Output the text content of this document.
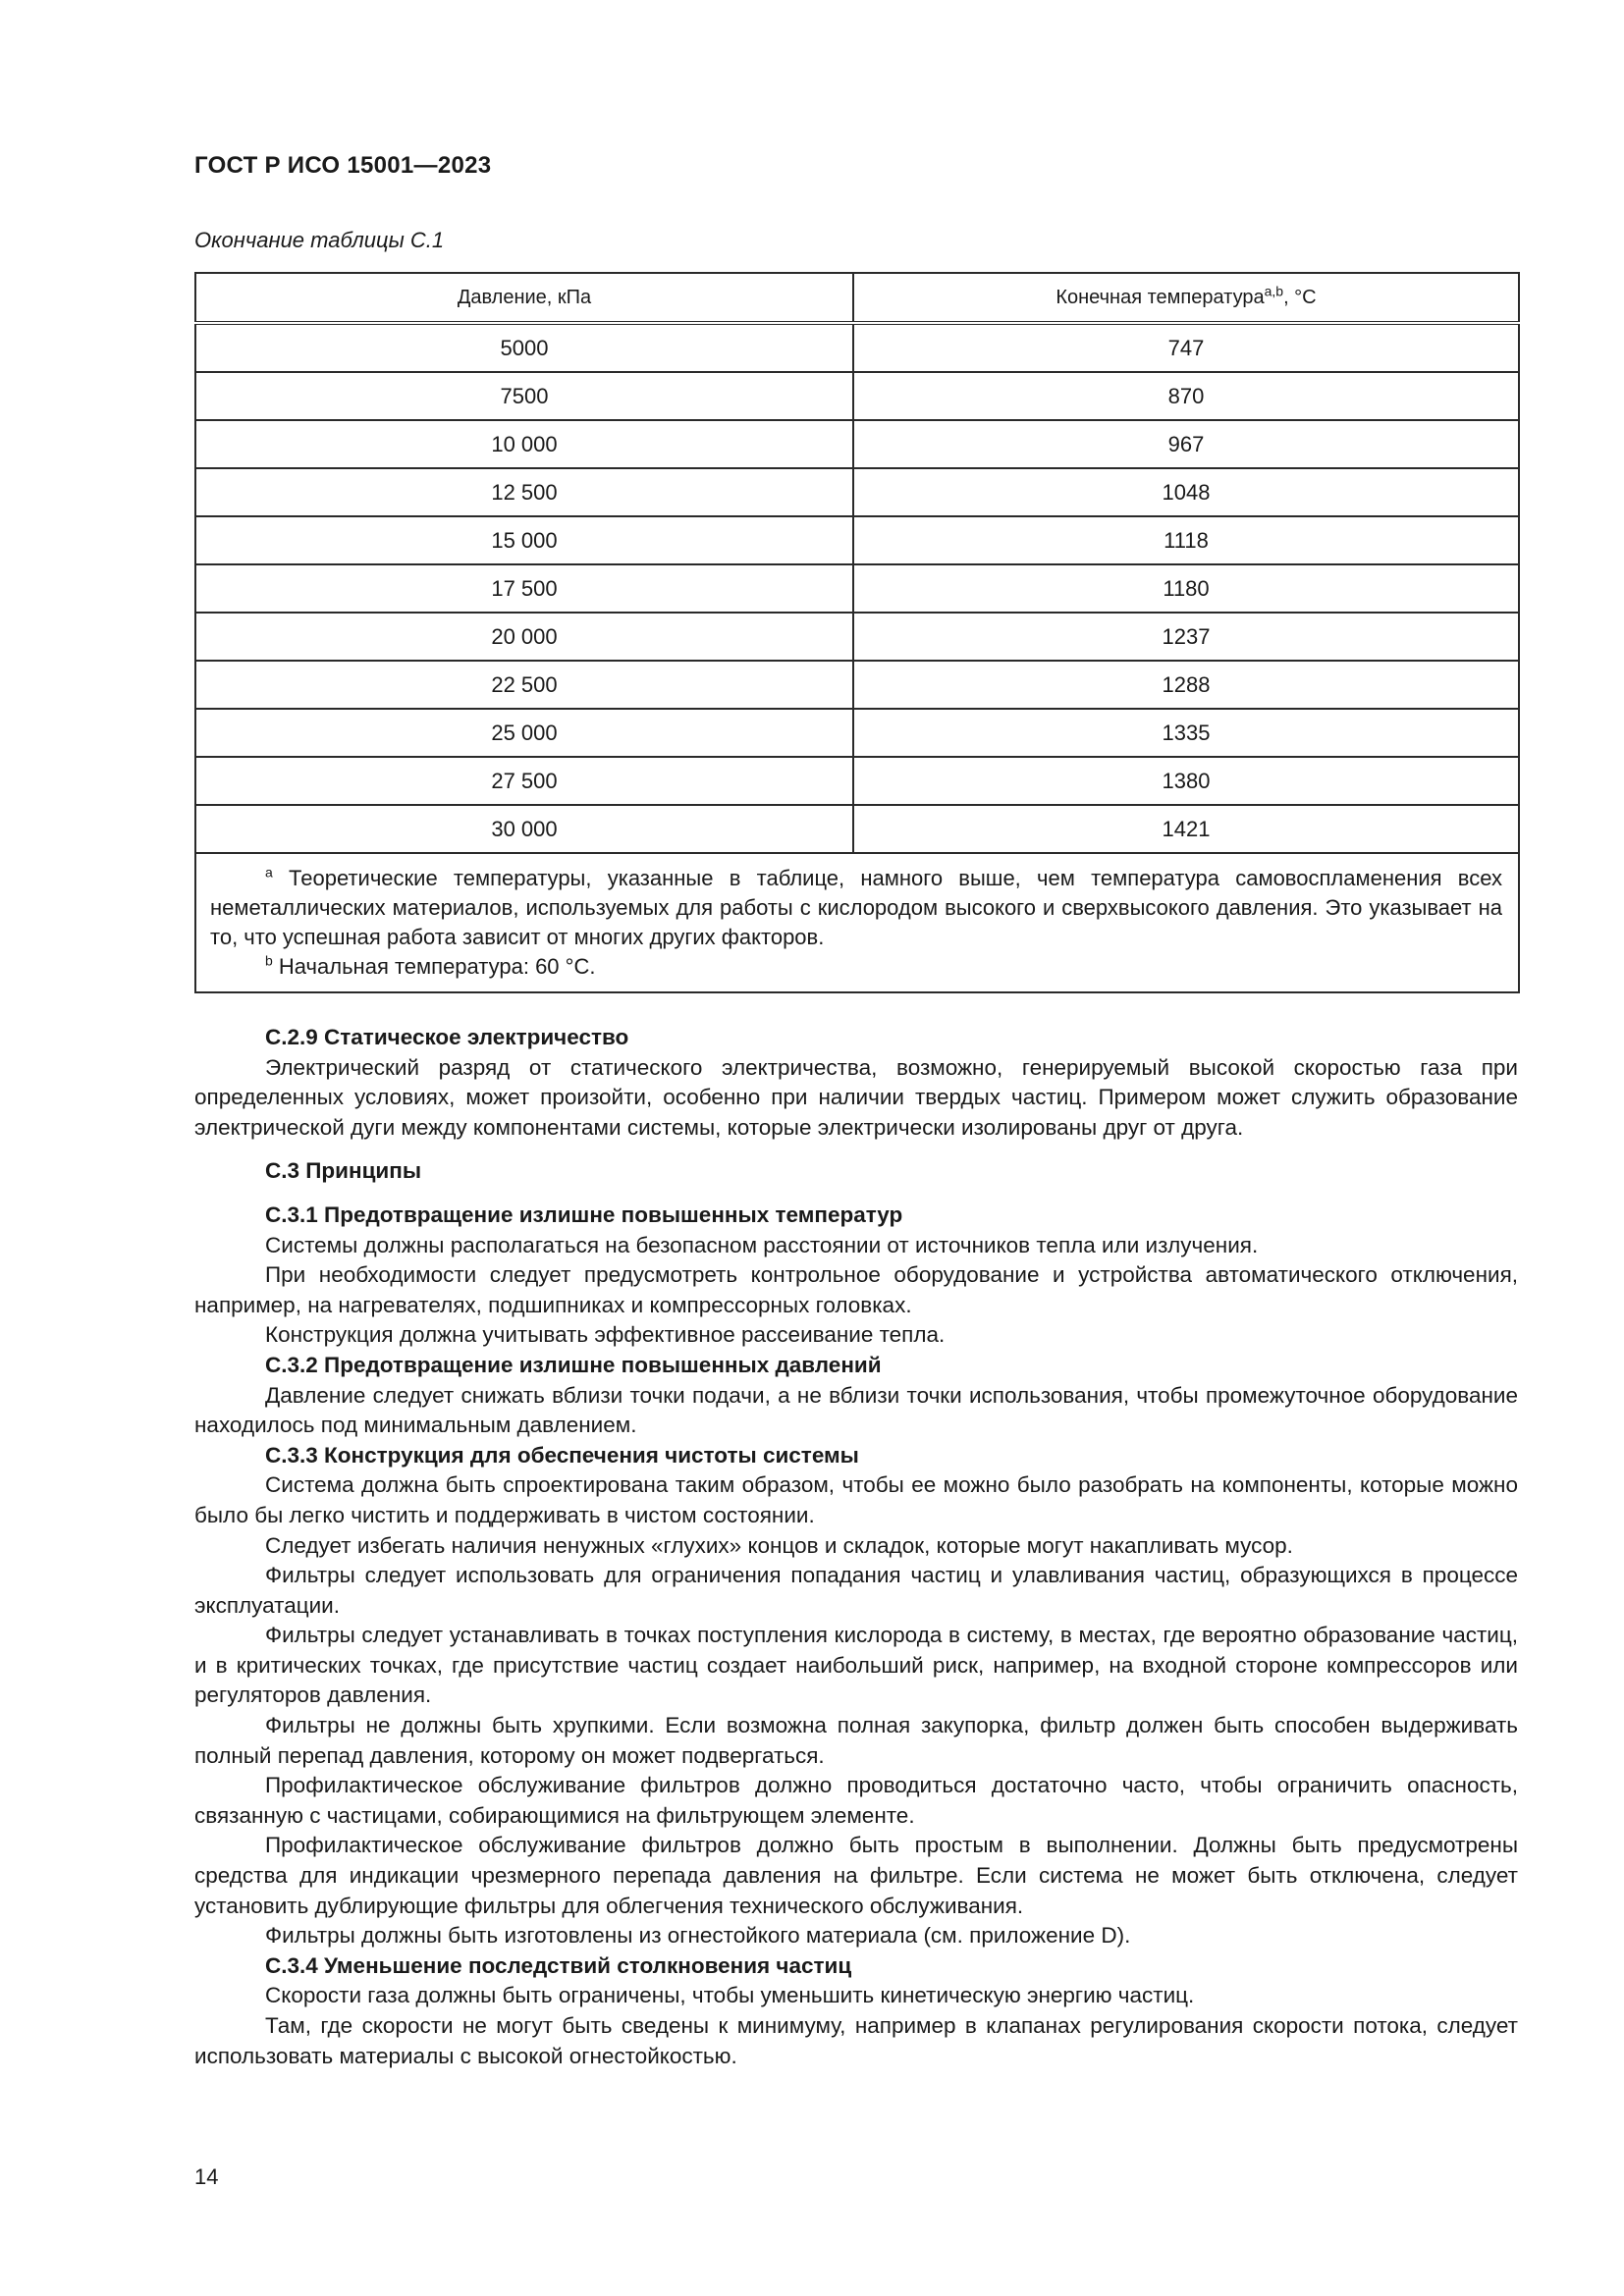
ГОСТ Р ИСО 15001—2023
Окончание таблицы С.1
Давление, кПа	Конечная температура$^{a,b}$, °С
5000	747
7500	870
10 000	967
12 500	1048
15 000	1118
17 500	1180
20 000	1237
22 500	1288
25 000	1335
27 500	1380
30 000	1421

$^a$ Теоретические температуры, указанные в таблице, намного выше, чем температура самовоспламенения всех неметаллических материалов, используемых для работы с кислородом высокого и сверхвысокого давления. Это указывает на то, что успешная работа зависит от многих других факторов.
$^b$ Начальная температура: 60 °С.	

С.2.9 Статическое электричество

Электрический разряд от статического электричества, возможно, генерируемый высокой скоростью газа при определенных условиях, может произойти, особенно при наличии твердых частиц. Примером может служить образование электрической дуги между компонентами системы, которые электрически изолированы друг от друга.

С.3 Принципы

С.3.1 Предотвращение излишне повышенных температур

Системы должны располагаться на безопасном расстоянии от источников тепла или излучения.

При необходимости следует предусмотреть контрольное оборудование и устройства автоматического отключения, например, на нагревателях, подшипниках и компрессорных головках.

Конструкция должна учитывать эффективное рассеивание тепла.

С.3.2 Предотвращение излишне повышенных давлений

Давление следует снижать вблизи точки подачи, а не вблизи точки использования, чтобы промежуточное оборудование находилось под минимальным давлением.

С.3.3 Конструкция для обеспечения чистоты системы

Система должна быть спроектирована таким образом, чтобы ее можно было разобрать на компоненты, которые можно было бы легко чистить и поддерживать в чистом состоянии.

Следует избегать наличия ненужных «глухих» концов и складок, которые могут накапливать мусор.

Фильтры следует использовать для ограничения попадания частиц и улавливания частиц, образующихся в процессе эксплуатации.

Фильтры следует устанавливать в точках поступления кислорода в систему, в местах, где вероятно образование частиц, и в критических точках, где присутствие частиц создает наибольший риск, например, на входной стороне компрессоров или регуляторов давления.

Фильтры не должны быть хрупкими. Если возможна полная закупорка, фильтр должен быть способен выдерживать полный перепад давления, которому он может подвергаться.

Профилактическое обслуживание фильтров должно проводиться достаточно часто, чтобы ограничить опасность, связанную с частицами, собирающимися на фильтрующем элементе.

Профилактическое обслуживание фильтров должно быть простым в выполнении. Должны быть предусмотрены средства для индикации чрезмерного перепада давления на фильтре. Если система не может быть отключена, следует установить дублирующие фильтры для облегчения технического обслуживания.

Фильтры должны быть изготовлены из огнестойкого материала (см. приложение D).

С.3.4 Уменьшение последствий столкновения частиц

Скорости газа должны быть ограничены, чтобы уменьшить кинетическую энергию частиц.

Там, где скорости не могут быть сведены к минимуму, например в клапанах регулирования скорости потока, следует использовать материалы с высокой огнестойкостью.

14
